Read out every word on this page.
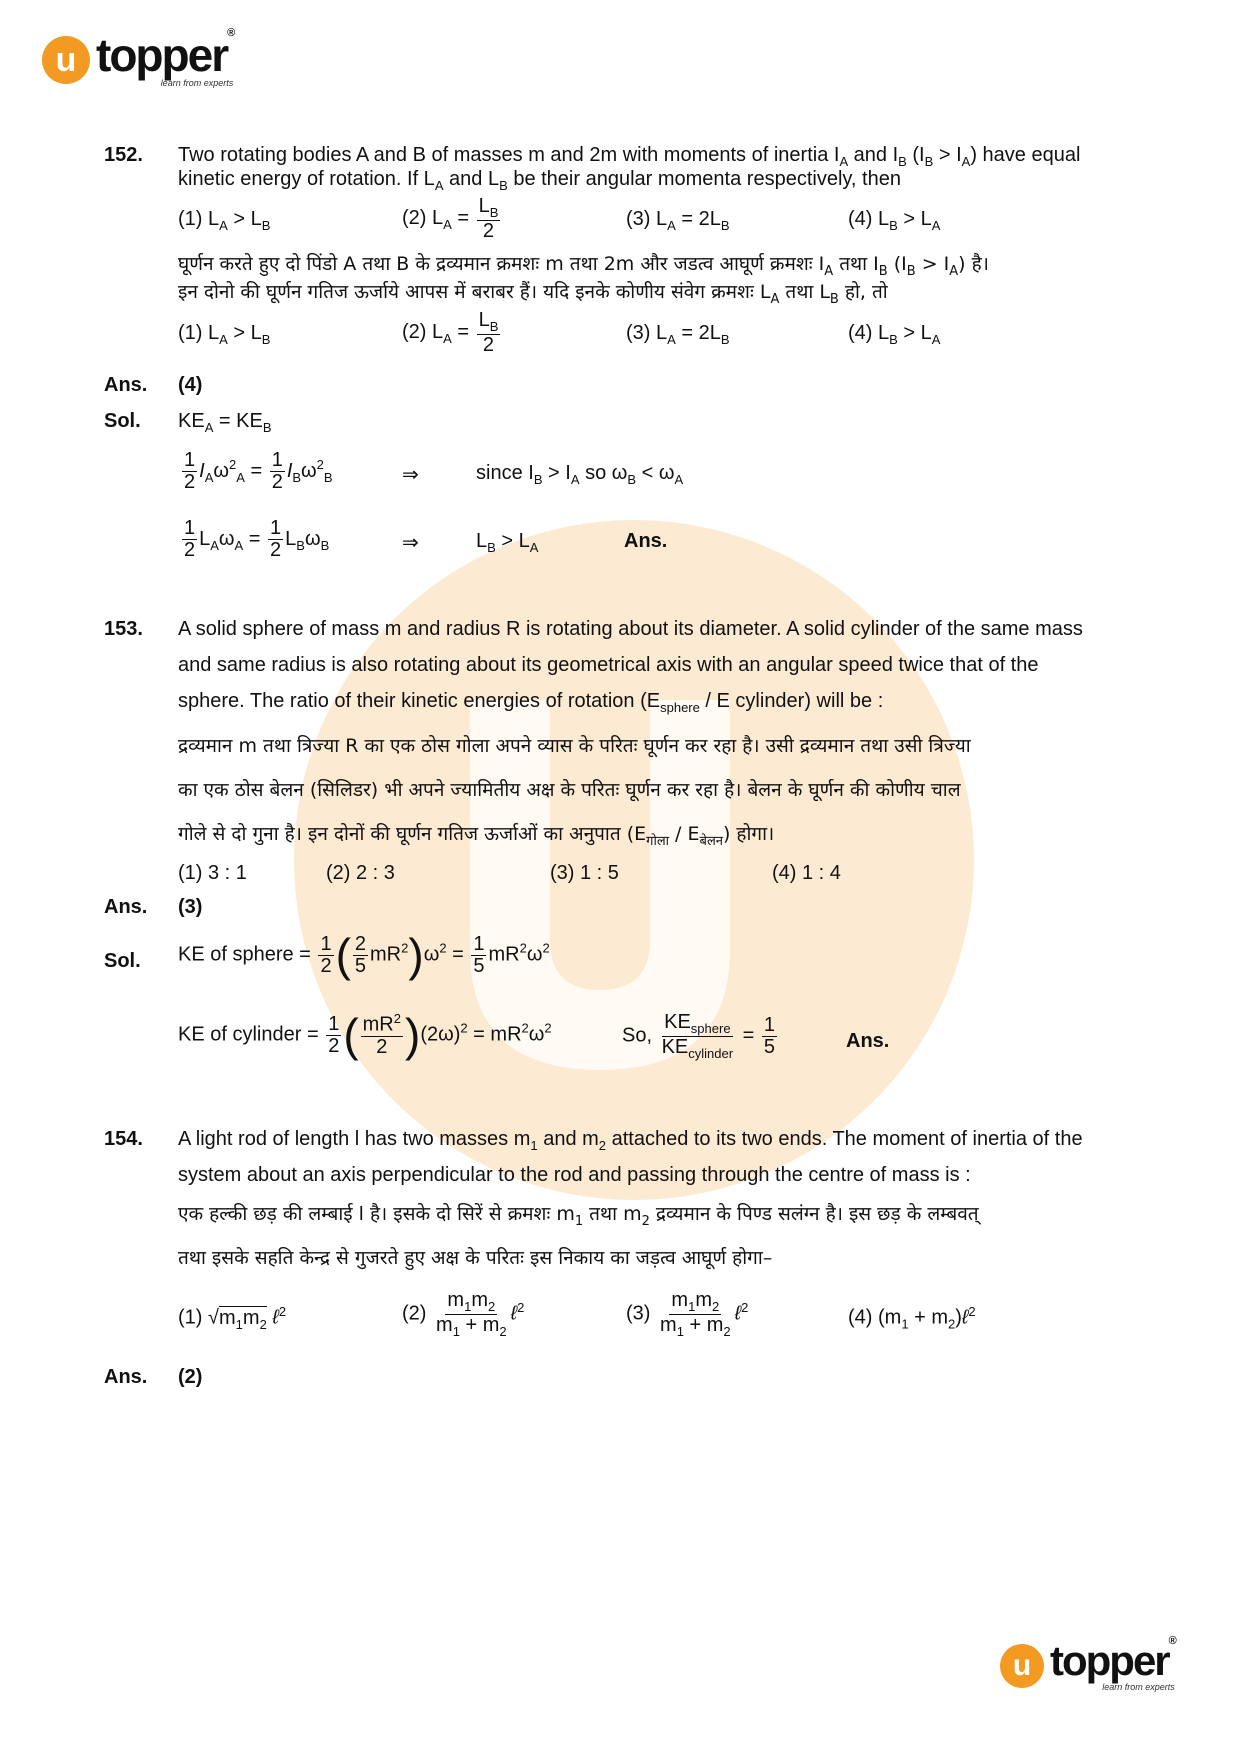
u topper®
learn from experts
152. Two rotating bodies A and B of masses m and 2m with moments of inertia $I_A$ and $I_B$ $(I_B > I_A)$ have equal
kinetic energy of rotation. If $L_A$ and $L_B$ be their angular momenta respectively, then
(1) $L_A > L_B$	(2) $L_A = \frac{L_B}{2}$	(3) $L_A = 2L_B$	(4) $L_B > L_A$
घूर्णन करते हुए दो पिंडो A तथा B के द्रव्यमान क्रमशः m तथा 2m और जडत्व आघूर्ण क्रमशः $I_A$ तथा $I_B$ $(I_B > I_A)$ है।
इन दोनो की घूर्णन गतिज ऊर्जाये आपस में बराबर हैं। यदि इनके कोणीय संवेग क्रमशः $L_A$ तथा $L_B$ हो, तो
(1) $L_A > L_B$	(2) $L_A = \frac{L_B}{2}$	(3) $L_A = 2L_B$	(4) $L_B > L_A$
Ans. (4)
Sol. $KE_A = KE_B$
$\frac{1}{2} I_A\omega^2_A = \frac{1}{2} I_B\omega^2_B$	⇒	since $I_B > I_A$ so $\omega_B < \omega_A$
$\frac{1}{2} L_A\omega_A = \frac{1}{2} L_B\omega_B$	⇒	$L_B > L_A$	Ans.
153. A solid sphere of mass m and radius R is rotating about its diameter. A solid cylinder of the same mass
and same radius is also rotating about its geometrical axis with an angular speed twice that of the
sphere. The ratio of their kinetic energies of rotation ($E_{sphere}$ / E cylinder) will be :
द्रव्यमान m तथा त्रिज्या R का एक ठोस गोला अपने व्यास के परितः घूर्णन कर रहा है। उसी द्रव्यमान तथा उसी त्रिज्या
का एक ठोस बेलन (सिलिडर) भी अपने ज्यामितीय अक्ष के परितः घूर्णन कर रहा है। बेलन के घूर्णन की कोणीय चाल
गोले से दो गुना है। इन दोनों की घूर्णन गतिज ऊर्जाओं का अनुपात $(E_{गोला} / E_{बेलन})$ होगा।
(1) 3 : 1	(2) 2 : 3	(3) 1 : 5	(4) 1 : 4
Ans. (3)
Sol. KE of sphere = $\frac{1}{2}$ ( $\frac{2}{5} mR^2)\omega^2 = \frac{1}{5} mR^2\omega^2$
KE of cylinder = $\frac{1}{2}$ ( $\frac{mR^2}{2} )(2\omega)^2 = mR^2\omega^2$	So, $\frac{KE_{sphere}}{KE_{cylinder}} = \frac{1}{5}$	Ans.
154. A light rod of length l has two masses $m_1$ and $m_2$ attached to its two ends. The moment of inertia of the
system about an axis perpendicular to the rod and passing through the centre of mass is :
एक हल्की छड़ की लम्बाई l है। इसके दो सिरें से क्रमशः $m_1$ तथा $m_2$ द्रव्यमान के पिण्ड सलंग्न है। इस छड़ के लम्बवत्
तथा इसके सहति केन्द्र से गुजरते हुए अक्ष के परितः इस निकाय का जड़त्व आघूर्ण होगा–
(1) $√m_1m_2$ ℓ$^2$	$(2) \frac{m_1m_2}{m_1 + m_2}$ ℓ$^2$	$(3) \frac{m_1m_2}{m_1 + m_2}$ ℓ$^2$	(4) ($m_1$ + $m_2)\ell^2$
Ans. (2)
u topper®
learn from experts
